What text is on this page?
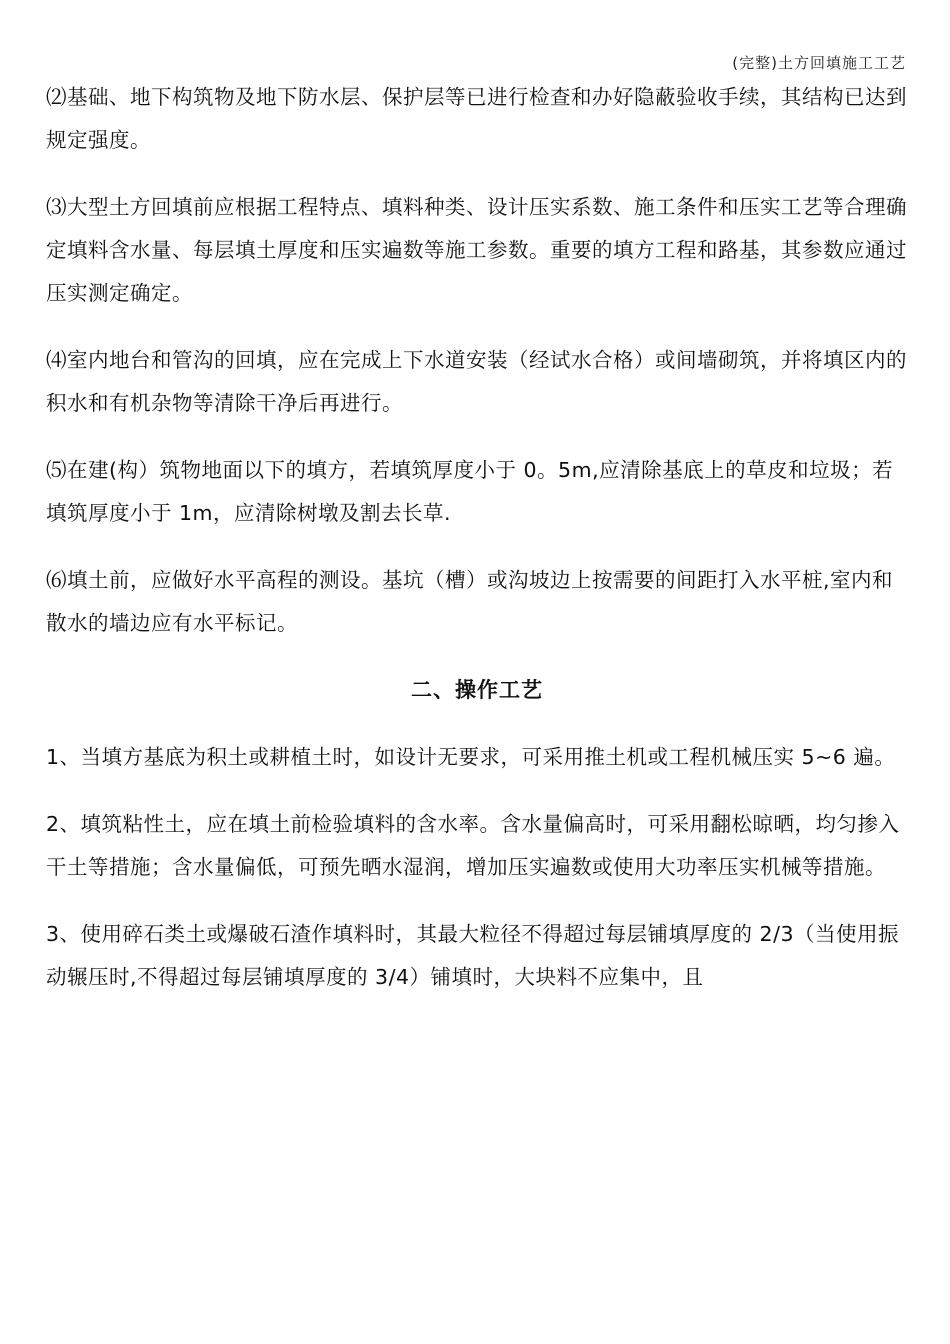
(完整)土方回填施工工艺

⑵基础、地下构筑物及地下防水层、保护层等已进行检查和办好隐蔽验收手续，其结构已达到规定强度。

⑶大型土方回填前应根据工程特点、填料种类、设计压实系数、施工条件和压实工艺等合理确定填料含水量、每层填土厚度和压实遍数等施工参数。重要的填方工程和路基，其参数应通过压实测定确定。

⑷室内地台和管沟的回填，应在完成上下水道安装（经试水合格）或间墙砌筑，并将填区内的积水和有机杂物等清除干净后再进行。

⑸在建(构）筑物地面以下的填方，若填筑厚度小于 0。5m,应清除基底上的草皮和垃圾；若填筑厚度小于 1m，应清除树墩及割去长草.

⑹填土前，应做好水平高程的测设。基坑（槽）或沟坡边上按需要的间距打入水平桩,室内和散水的墙边应有水平标记。

二、操作工艺

1、当填方基底为积土或耕植土时，如设计无要求，可采用推土机或工程机械压实 5~6 遍。

2、填筑粘性土，应在填土前检验填料的含水率。含水量偏高时，可采用翻松晾晒，均匀掺入干土等措施；含水量偏低，可预先晒水湿润，增加压实遍数或使用大功率压实机械等措施。

3、使用碎石类土或爆破石渣作填料时，其最大粒径不得超过每层铺填厚度的 2/3（当使用振动辗压时,不得超过每层铺填厚度的 3/4）铺填时，大块料不应集中，且
